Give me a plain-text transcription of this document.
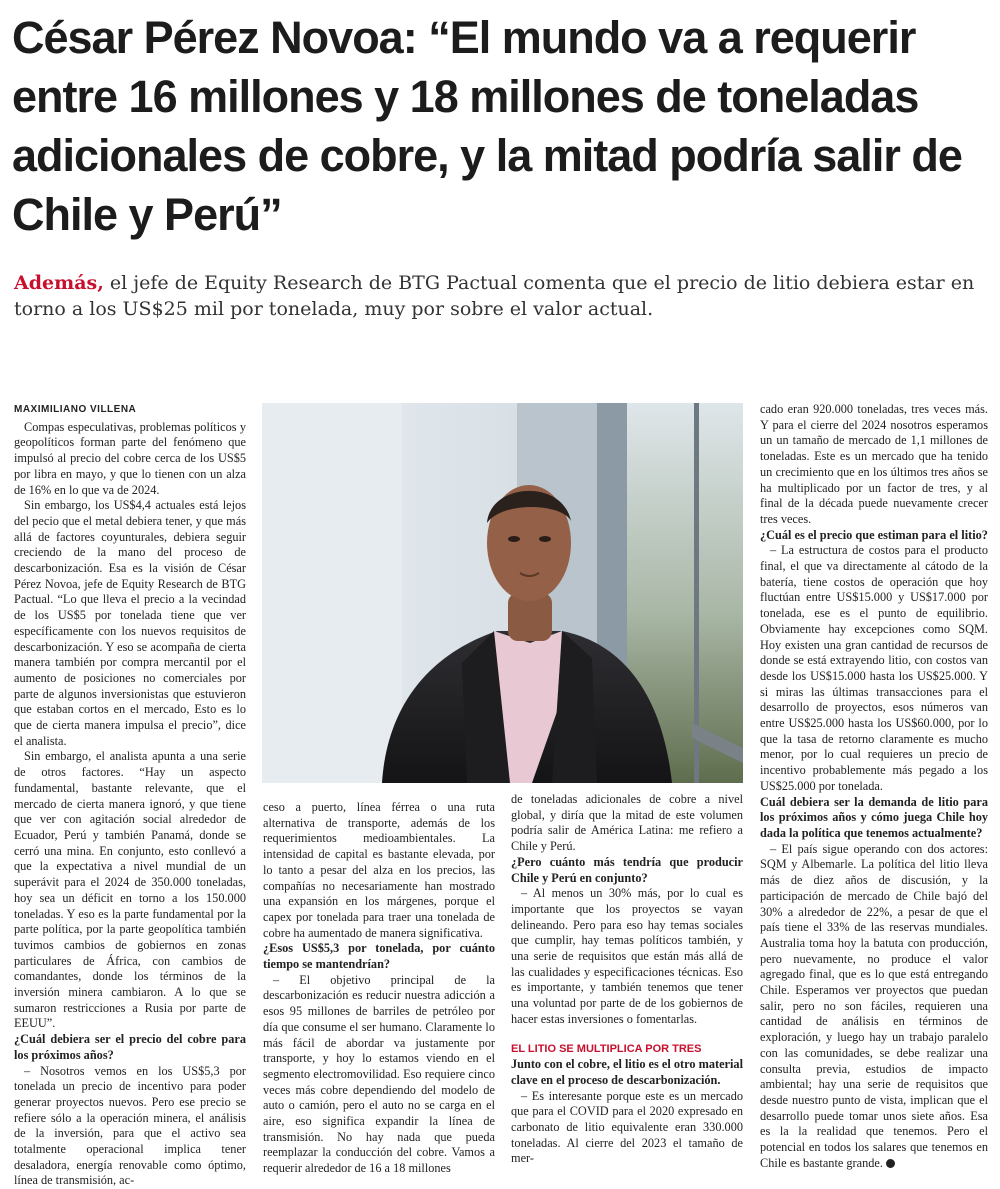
César Pérez Novoa: “El mundo va a requerir entre 16 millones y 18 millones de toneladas adicionales de cobre, y la mitad podría salir de Chile y Perú”

Además, el jefe de Equity Research de BTG Pactual comenta que el precio de litio debiera estar en torno a los US$25 mil por tonelada, muy por sobre el valor actual.

MAXIMILIANO VILLENA

Compas especulativas, problemas políticos y geopolíticos forman parte del fenómeno que impulsó al precio del cobre cerca de los US$5 por libra en mayo, y que lo tienen con un alza de 16% en lo que va de 2024.

Sin embargo, los US$4,4 actuales está lejos del pecio que el metal debiera tener, y que más allá de factores coyunturales, debiera seguir creciendo de la mano del proceso de descarbonización. Esa es la visión de César Pérez Novoa, jefe de Equity Research de BTG Pactual. “Lo que lleva el precio a la vecindad de los US$5 por tonelada tiene que ver específicamente con los nuevos requisitos de descarbonización. Y eso se acompaña de cierta manera también por compra mercantil por el aumento de posiciones no comerciales por parte de algunos inversionistas que estuvieron que estaban cortos en el mercado, Esto es lo que de cierta manera impulsa el precio”, dice el analista.

Sin embargo, el analista apunta a una serie de otros factores. “Hay un aspecto fundamental, bastante relevante, que el mercado de cierta manera ignoró, y que tiene que ver con agitación social alrededor de Ecuador, Perú y también Panamá, donde se cerró una mina. En conjunto, esto conllevó a que la expectativa a nivel mundial de un superávit para el 2024 de 350.000 toneladas, hoy sea un déficit en torno a los 150.000 toneladas. Y eso es la parte fundamental por la parte política, por la parte geopolítica también tuvimos cambios de gobiernos en zonas particulares de África, con cambios de comandantes, donde los términos de la inversión minera cambiaron. A lo que se sumaron restricciones a Rusia por parte de EEUU”.

¿Cuál debiera ser el precio del cobre para los próximos años?

– Nosotros vemos en los US$5,3 por tonelada un precio de incentivo para poder generar proyectos nuevos. Pero ese precio se refiere sólo a la operación minera, el análisis de la inversión, para que el activo sea totalmente operacional implica tener desaladora, energía renovable como óptimo, línea de transmisión, ac-

ceso a puerto, línea férrea o una ruta alternativa de transporte, además de los requerimientos medioambientales. La intensidad de capital es bastante elevada, por lo tanto a pesar del alza en los precios, las compañías no necesariamente han mostrado una expansión en los márgenes, porque el capex por tonelada para traer una tonelada de cobre ha aumentado de manera significativa.

¿Esos US$5,3 por tonelada, por cuánto tiempo se mantendrían?

– El objetivo principal de la descarbonización es reducir nuestra adicción a esos 95 millones de barriles de petróleo por día que consume el ser humano. Claramente lo más fácil de abordar va justamente por transporte, y hoy lo estamos viendo en el segmento electromovilidad. Eso requiere cinco veces más cobre dependiendo del modelo de auto o camión, pero el auto no se carga en el aire, eso significa expandir la línea de transmisión. No hay nada que pueda reemplazar la conducción del cobre. Vamos a requerir alrededor de 16 a 18 millones

de toneladas adicionales de cobre a nivel global, y diría que la mitad de este volumen podría salir de América Latina: me refiero a Chile y Perú.

¿Pero cuánto más tendría que producir Chile y Perú en conjunto?

– Al menos un 30% más, por lo cual es importante que los proyectos se vayan delineando. Pero para eso hay temas sociales que cumplir, hay temas políticos también, y una serie de requisitos que están más allá de las cualidades y especificaciones técnicas. Eso es importante, y también tenemos que tener una voluntad por parte de de los gobiernos de hacer estas inversiones o fomentarlas.

EL LITIO SE MULTIPLICA POR TRES

Junto con el cobre, el litio es el otro material clave en el proceso de descarbonización.

– Es interesante porque este es un mercado que para el COVID para el 2020 expresado en carbonato de litio equivalente eran 330.000 toneladas. Al cierre del 2023 el tamaño de mer-

cado eran 920.000 toneladas, tres veces más. Y para el cierre del 2024 nosotros esperamos un un tamaño de mercado de 1,1 millones de toneladas. Este es un mercado que ha tenido un crecimiento que en los últimos tres años se ha multiplicado por un factor de tres, y al final de la década puede nuevamente crecer tres veces.

¿Cuál es el precio que estiman para el litio?

– La estructura de costos para el producto final, el que va directamente al cátodo de la batería, tiene costos de operación que hoy fluctúan entre US$15.000 y US$17.000 por tonelada, ese es el punto de equilibrio. Obviamente hay excepciones como SQM. Hoy existen una gran cantidad de recursos de donde se está extrayendo litio, con costos van desde los US$15.000 hasta los US$25.000. Y si miras las últimas transacciones para el desarrollo de proyectos, esos números van entre US$25.000 hasta los US$60.000, por lo que la tasa de retorno claramente es mucho menor, por lo cual requieres un precio de incentivo probablemente más pegado a los US$25.000 por tonelada.

Cuál debiera ser la demanda de litio para los próximos años y cómo juega Chile hoy dada la política que tenemos actualmente?

– El país sigue operando con dos actores: SQM y Albemarle. La política del litio lleva más de diez años de discusión, y la participación de mercado de Chile bajó del 30% a alrededor de 22%, a pesar de que el país tiene el 33% de las reservas mundiales. Australia toma hoy la batuta con producción, pero nuevamente, no produce el valor agregado final, que es lo que está entregando Chile. Esperamos ver proyectos que puedan salir, pero no son fáciles, requieren una cantidad de análisis en términos de exploración, y luego hay un trabajo paralelo con las comunidades, se debe realizar una consulta previa, estudios de impacto ambiental; hay una serie de requisitos que desde nuestro punto de vista, implican que el desarrollo puede tomar unos siete años. Esa es la la realidad que tenemos. Pero el potencial en todos los salares que tenemos en Chile es bastante grande. P
